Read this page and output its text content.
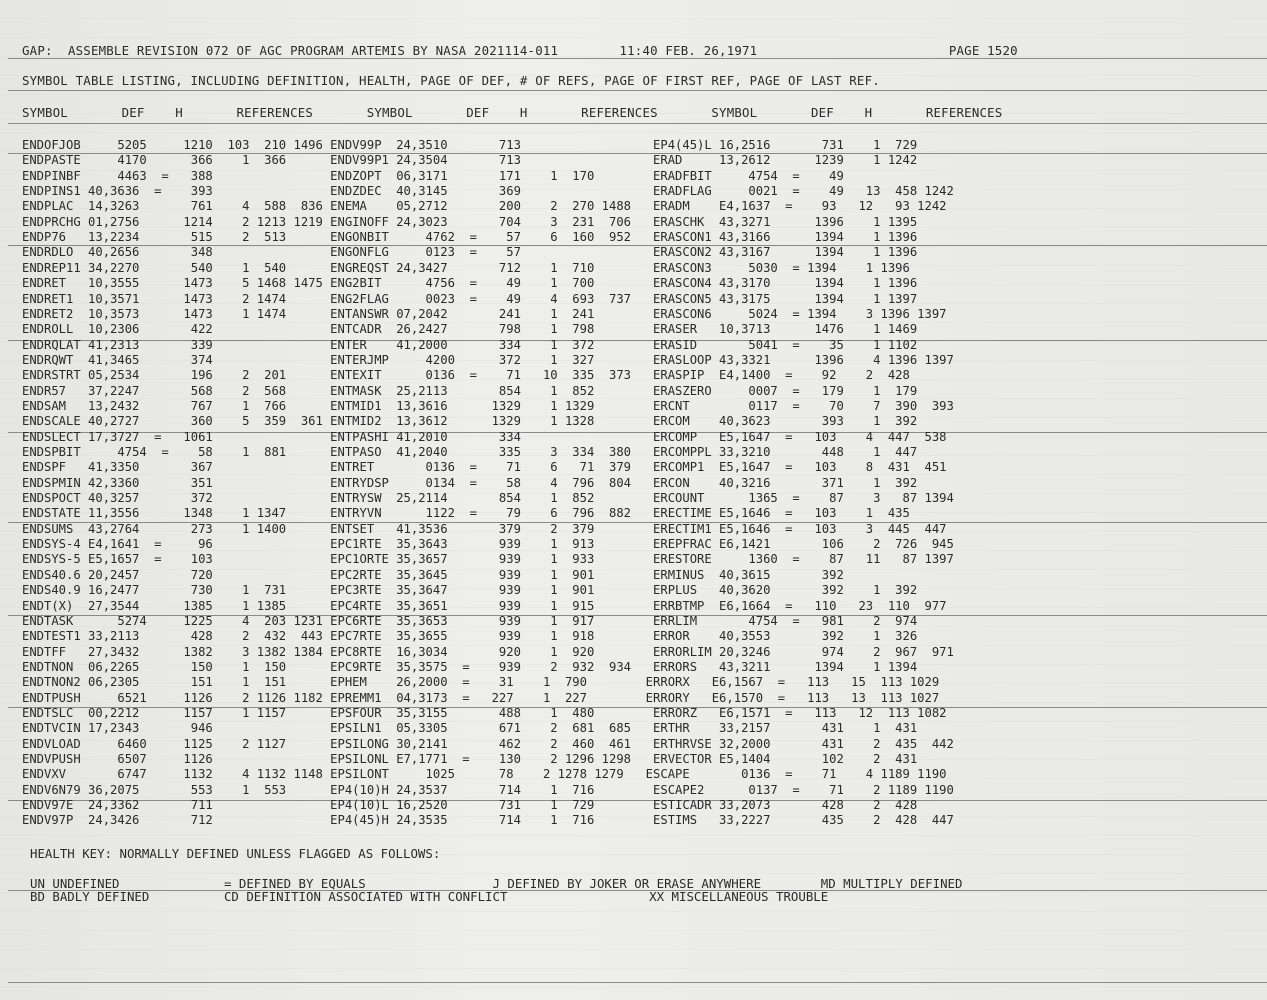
GAP:  ASSEMBLE REVISION 072 OF AGC PROGRAM ARTEMIS BY NASA 2021114-011        11:40 FEB. 26,1971                         PAGE 1520
SYMBOL TABLE LISTING, INCLUDING DEFINITION, HEALTH, PAGE OF DEF, # OF REFS, PAGE OF FIRST REF, PAGE OF LAST REF.
SYMBOL       DEF    H       REFERENCES       SYMBOL       DEF    H       REFERENCES       SYMBOL       DEF    H       REFERENCES
ENDOFJOB     5205     1210  103  210 1496 ENDV99P  24,3510       713                  EP4(45)L 16,2516       731    1  729
ENDPASTE     4170      366    1  366      ENDV99P1 24,3504       713                  ERAD     13,2612      1239    1 1242
ENDPINBF     4463  =   388                ENDZOPT  06,3171       171    1  170        ERADFBIT     4754  =    49
ENDPINS1 40,3636  =    393                ENDZDEC  40,3145       369                  ERADFLAG     0021  =    49   13  458 1242
ENDPLAC  14,3263       761    4  588  836 ENEMA    05,2712       200    2  270 1488   ERADM    E4,1637  =    93   12   93 1242
ENDPRCHG 01,2756      1214    2 1213 1219 ENGINOFF 24,3023       704    3  231  706   ERASCHK  43,3271      1396    1 1395
ENDP76   13,2234       515    2  513      ENGONBIT     4762  =    57    6  160  952   ERASCON1 43,3166      1394    1 1396
ENDRDLO  40,2656       348                ENGONFLG     0123  =    57                  ERASCON2 43,3167      1394    1 1396
ENDREP11 34,2270       540    1  540      ENGREQST 24,3427       712    1  710        ERASCON3     5030  = 1394    1 1396
ENDRET   10,3555      1473    5 1468 1475 ENG2BIT      4756  =    49    1  700        ERASCON4 43,3170      1394    1 1396
ENDRET1  10,3571      1473    2 1474      ENG2FLAG     0023  =    49    4  693  737   ERASCON5 43,3175      1394    1 1397
ENDRET2  10,3573      1473    1 1474      ENTANSWR 07,2042       241    1  241        ERASCON6     5024  = 1394    3 1396 1397
ENDROLL  10,2306       422                ENTCADR  26,2427       798    1  798        ERASER   10,3713      1476    1 1469
ENDRQLAT 41,2313       339                ENTER    41,2000       334    1  372        ERASID       5041  =    35    1 1102
ENDRQWT  41,3465       374                ENTERJMP     4200      372    1  327        ERASLOOP 43,3321      1396    4 1396 1397
ENDRSTRT 05,2534       196    2  201      ENTEXIT      0136  =    71   10  335  373   ERASPIP  E4,1400  =    92    2  428
ENDR57   37,2247       568    2  568      ENTMASK  25,2113       854    1  852        ERASZERO     0007  =   179    1  179
ENDSAM   13,2432       767    1  766      ENTMID1  13,3616      1329    1 1329        ERCNT        0117  =    70    7  390  393
ENDSCALE 40,2727       360    5  359  361 ENTMID2  13,3612      1329    1 1328        ERCOM    40,3623       393    1  392
ENDSLECT 17,3727  =   1061                ENTPASHI 41,2010       334                  ERCOMP   E5,1647  =   103    4  447  538
ENDSPBIT     4754  =    58    1  881      ENTPASO  41,2040       335    3  334  380   ERCOMPPL 33,3210       448    1  447
ENDSPF   41,3350       367                ENTRET       0136  =    71    6   71  379   ERCOMP1  E5,1647  =   103    8  431  451
ENDSPMIN 42,3360       351                ENTRYDSP     0134  =    58    4  796  804   ERCON    40,3216       371    1  392
ENDSPOCT 40,3257       372                ENTRYSW  25,2114       854    1  852        ERCOUNT      1365  =    87    3   87 1394
ENDSTATE 11,3556      1348    1 1347      ENTRYVN      1122  =    79    6  796  882   ERECTIME E5,1646  =   103    1  435
ENDSUMS  43,2764       273    1 1400      ENTSET   41,3536       379    2  379        ERECTIM1 E5,1646  =   103    3  445  447
ENDSYS-4 E4,1641  =     96                EPC1RTE  35,3643       939    1  913        EREPFRAC E6,1421       106    2  726  945
ENDSYS-5 E5,1657  =    103                EPC1ORTE 35,3657       939    1  933        ERESTORE     1360  =    87   11   87 1397
ENDS40.6 20,2457       720                EPC2RTE  35,3645       939    1  901        ERMINUS  40,3615       392
ENDS40.9 16,2477       730    1  731      EPC3RTE  35,3647       939    1  901        ERPLUS   40,3620       392    1  392
ENDT(X)  27,3544      1385    1 1385      EPC4RTE  35,3651       939    1  915        ERRBTMP  E6,1664  =   110   23  110  977
ENDTASK      5274     1225    4  203 1231 EPC6RTE  35,3653       939    1  917        ERRLIM       4754  =   981    2  974
ENDTEST1 33,2113       428    2  432  443 EPC7RTE  35,3655       939    1  918        ERROR    40,3553       392    1  326
ENDTFF   27,3432      1382    3 1382 1384 EPC8RTE  16,3034       920    1  920        ERRORLIM 20,3246       974    2  967  971
ENDTNON  06,2265       150    1  150      EPC9RTE  35,3575  =    939    2  932  934   ERRORS   43,3211      1394    1 1394
ENDTNON2 06,2305       151    1  151      EPHEM    26,2000  =    31    1  790        ERRORX   E6,1567  =   113   15  113 1029
ENDTPUSH     6521     1126    2 1126 1182 EPREMM1  04,3173  =   227    1  227        ERRORY   E6,1570  =   113   13  113 1027
ENDTSLC  00,2212      1157    1 1157      EPSFOUR  35,3155       488    1  480        ERRORZ   E6,1571  =   113   12  113 1082
ENDTVCIN 17,2343       946                EPSILN1  05,3305       671    2  681  685   ERTHR    33,2157       431    1  431
ENDVLOAD     6460     1125    2 1127      EPSILONG 30,2141       462    2  460  461   ERTHRVSE 32,2000       431    2  435  442
ENDVPUSH     6507     1126                EPSILONL E7,1771  =    130    2 1296 1298   ERVECTOR E5,1404       102    2  431
ENDVXV       6747     1132    4 1132 1148 EPSILONT     1025      78    2 1278 1279   ESCAPE       0136  =    71    4 1189 1190
ENDV6N79 36,2075       553    1  553      EP4(10)H 24,3537       714    1  716        ESCAPE2      0137  =    71    2 1189 1190
ENDV97E  24,3362       711                EP4(10)L 16,2520       731    1  729        ESTICADR 33,2073       428    2  428
ENDV97P  24,3426       712                EP4(45)H 24,3535       714    1  716        ESTIMS   33,2227       435    2  428  447
HEALTH KEY: NORMALLY DEFINED UNLESS FLAGGED AS FOLLOWS:
UN UNDEFINED              = DEFINED BY EQUALS                 J DEFINED BY JOKER OR ERASE ANYWHERE        MD MULTIPLY DEFINED
BD BADLY DEFINED          CD DEFINITION ASSOCIATED WITH CONFLICT                   XX MISCELLANEOUS TROUBLE
